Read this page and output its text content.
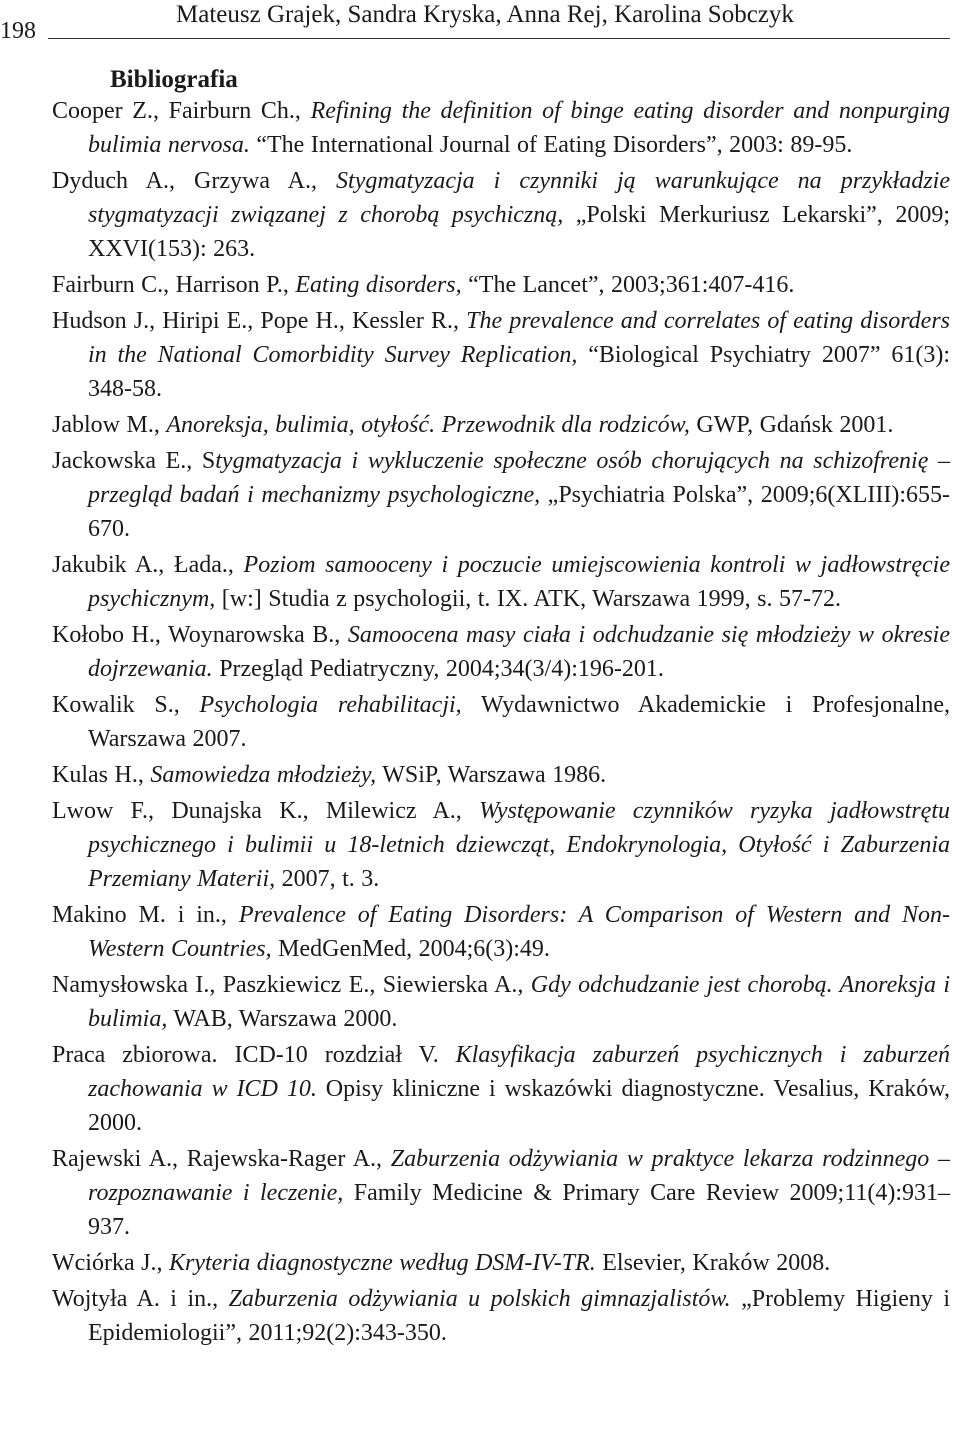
198
Mateusz Grajek, Sandra Kryska, Anna Rej, Karolina Sobczyk
Bibliografia

Cooper Z., Fairburn Ch., Refining the definition of binge eating disorder and nonpurging bulimia nervosa. “The International Journal of Eating Disorders”, 2003: 89-95.

Dyduch A., Grzywa A., Stygmatyzacja i czynniki ją warunkujące na przykładzie stygmatyzacji związanej z chorobą psychiczną, „Polski Merkuriusz Lekarski”, 2009; XXVI(153): 263.

Fairburn C., Harrison P., Eating disorders, “The Lancet”, 2003;361:407-416.

Hudson J., Hiripi E., Pope H., Kessler R., The prevalence and correlates of eating disorders in the National Comorbidity Survey Replication, “Biological Psychiatry 2007” 61(3): 348-58.

Jablow M., Anoreksja, bulimia, otyłość. Przewodnik dla rodziców, GWP, Gdańsk 2001.

Jackowska E., Stygmatyzacja i wykluczenie społeczne osób chorujących na schizofrenię – przegląd badań i mechanizmy psychologiczne, „Psychiatria Polska”, 2009;6(XLIII):655-670.

Jakubik A., Łada., Poziom samooceny i poczucie umiejscowienia kontroli w jadłowstręcie psychicznym, [w:] Studia z psychologii, t. IX. ATK, Warszawa 1999, s. 57-72.

Kołobo H., Woynarowska B., Samoocena masy ciała i odchudzanie się młodzieży w okresie dojrzewania. Przegląd Pediatryczny, 2004;34(3/4):196-201.

Kowalik S., Psychologia rehabilitacji, Wydawnictwo Akademickie i Profesjonalne, Warszawa 2007.

Kulas H., Samowiedza młodzieży, WSiP, Warszawa 1986.

Lwow F., Dunajska K., Milewicz A., Występowanie czynników ryzyka jadłowstrętu psychicznego i bulimii u 18-letnich dziewcząt, Endokrynologia, Otyłość i Zaburzenia Przemiany Materii, 2007, t. 3.

Makino M. i in., Prevalence of Eating Disorders: A Comparison of Western and Non-Western Countries, MedGenMed, 2004;6(3):49.

Namysłowska I., Paszkiewicz E., Siewierska A., Gdy odchudzanie jest chorobą. Anoreksja i bulimia, WAB, Warszawa 2000.

Praca zbiorowa. ICD-10 rozdział V. Klasyfikacja zaburzeń psychicznych i zaburzeń zachowania w ICD 10. Opisy kliniczne i wskazówki diagnostyczne. Vesalius, Kraków, 2000.

Rajewski A., Rajewska-Rager A., Zaburzenia odżywiania w praktyce lekarza rodzinnego – rozpoznawanie i leczenie, Family Medicine & Primary Care Review 2009;11(4):931–937.

Wciórka J., Kryteria diagnostyczne według DSM-IV-TR. Elsevier, Kraków 2008.

Wojtyła A. i in., Zaburzenia odżywiania u polskich gimnazjalistów. „Problemy Higieny i Epidemiologii”, 2011;92(2):343-350.
